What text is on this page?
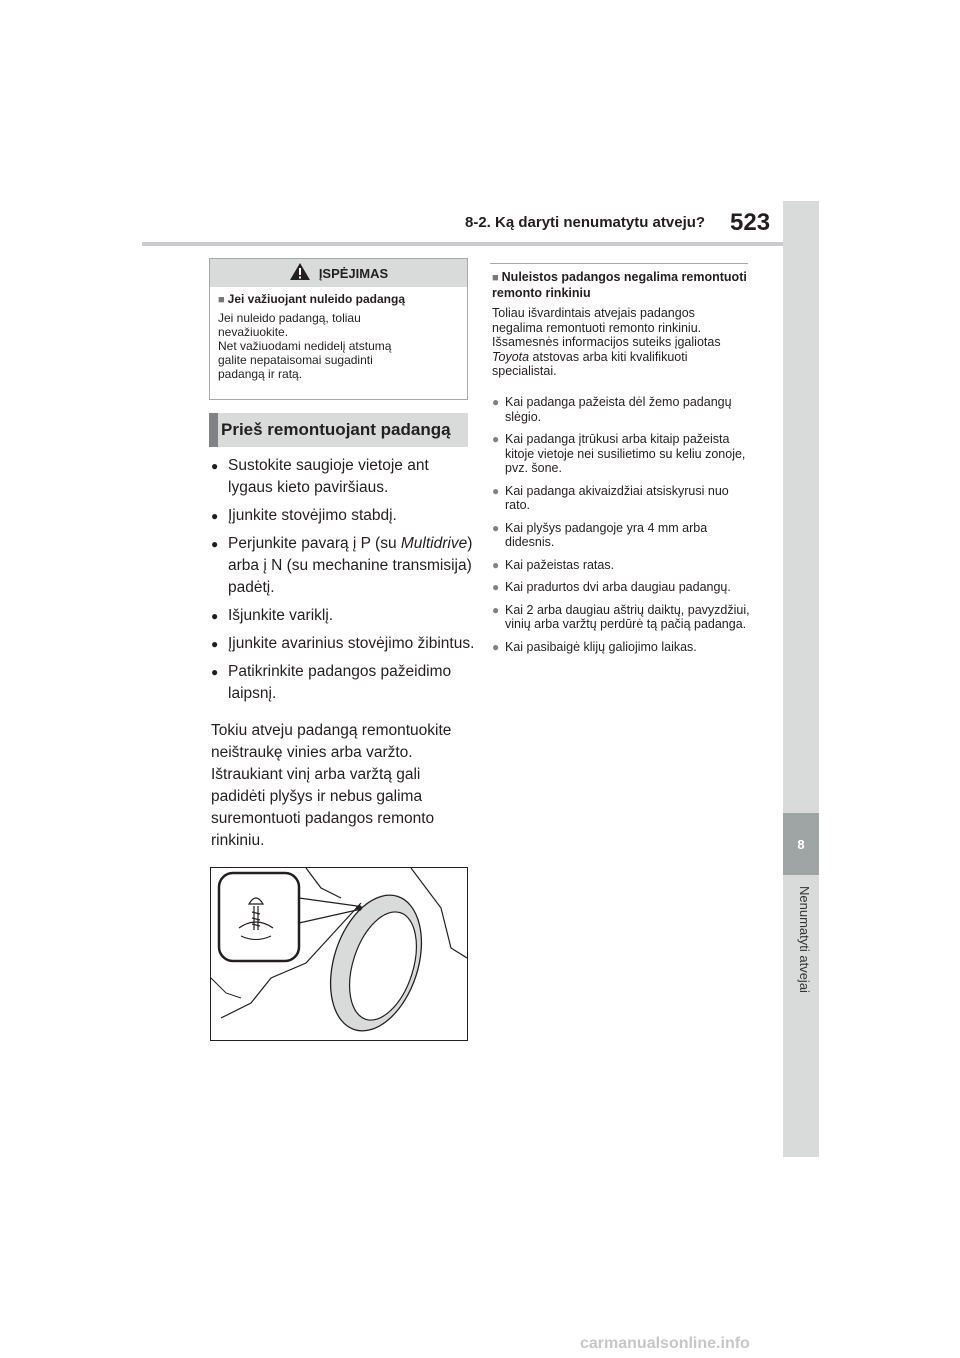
8
Nenumatyti atvejai
8-2. Ką daryti nenumatytu atveju? 523
ĮSPĖJIMAS
■ Jei važiuojant nuleido padangą
Jei nuleido padangą, toliau
nevažiuokite.
Net važiuodami nedidelį atstumą
galite nepataisomai sugadinti
padangą ir ratą.
Prieš remontuojant padangą
● Sustokite saugioje vietoje ant lygaus kieto paviršiaus.
● Įjunkite stovėjimo stabdį.
● Perjunkite pavarą į P (su Multidrive) arba į N (su mechanine transmisija) padėtį.
● Išjunkite variklį.
● Įjunkite avarinius stovėjimo žibintus.
● Patikrinkite padangos pažeidimo laipsnį.
Tokiu atveju padangą remontuokite neištraukę vinies arba varžto. Ištraukiant vinį arba varžtą gali padidėti plyšys ir nebus galima suremontuoti padangos remonto rinkiniu.
■ Nuleistos padangos negalima remontuoti remonto rinkiniu
Toliau išvardintais atvejais padangos negalima remontuoti remonto rinkiniu. Išsamesnės informacijos suteiks įgaliotas Toyota atstovas arba kiti kvalifikuoti specialistai.
● Kai padanga pažeista dėl žemo padangų slėgio.
● Kai padanga įtrūkusi arba kitaip pažeista kitoje vietoje nei susilietimo su keliu zonoje, pvz. šone.
● Kai padanga akivaizdžiai atsiskyrusi nuo rato.
● Kai plyšys padangoje yra 4 mm arba didesnis.
● Kai pažeistas ratas.
● Kai pradurtos dvi arba daugiau padangų.
● Kai 2 arba daugiau aštrių daiktų, pavyzdžiui, vinių arba varžtų perdūrė tą pačią padanga.
● Kai pasibaigė klijų galiojimo laikas.
carmanualsonline.info
